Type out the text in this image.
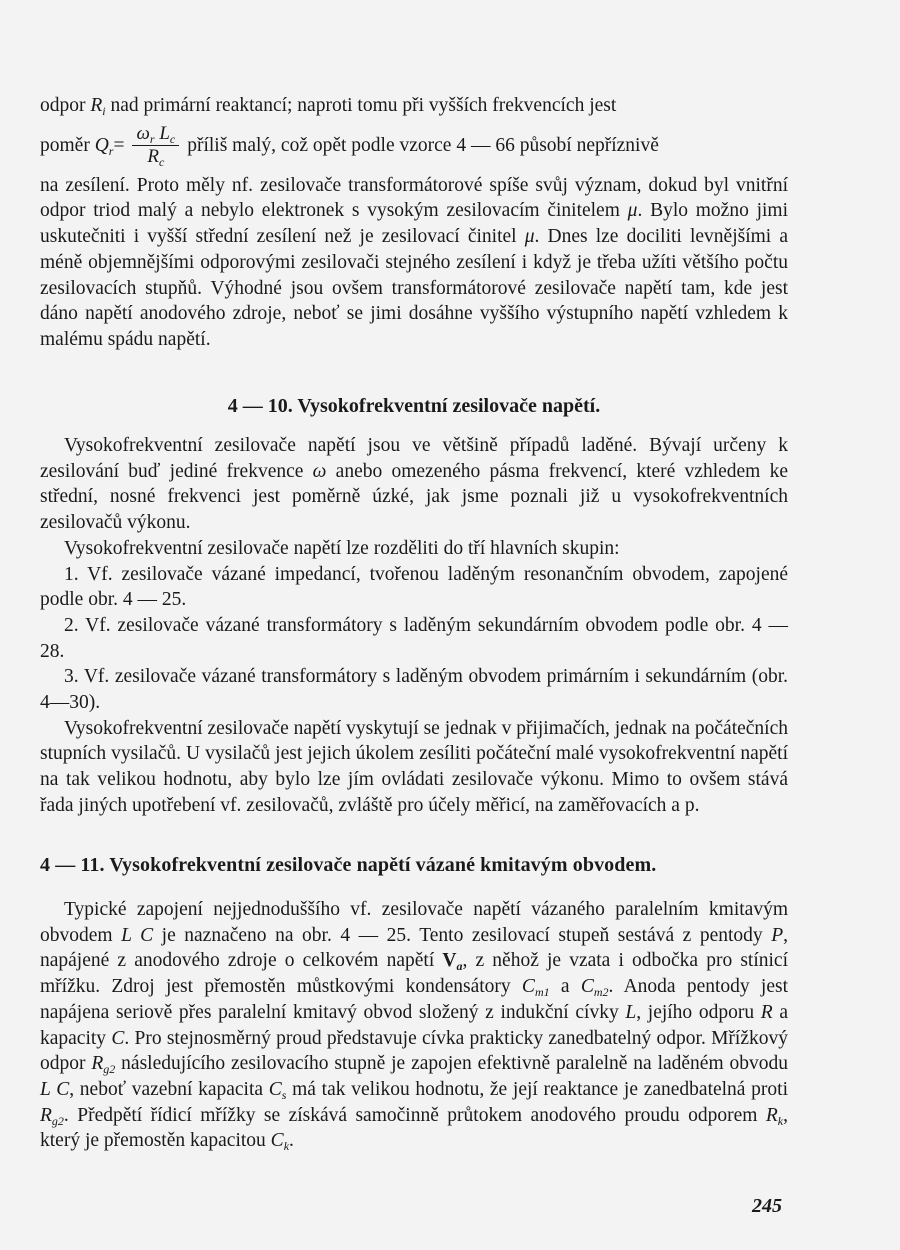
odpor $R_i$ nad primární reaktancí; naproti tomu při vyšších frekvencích jest

poměr
$Q_r = \frac{\omega_r L_c}{R_c}$ příliš malý, což opět podle vzorce 4 — 66 působí nepříznivě

na zesílení. Proto měly nf. zesilovače transformátorové spíše svůj význam, dokud byl vnitřní odpor triod malý a nebylo elektronek s vysokým zesilovacím činitelem μ. Bylo možno jimi uskutečniti i vyšší střední zesílení než je zesilovací činitel μ. Dnes lze dociliti levnějšími a méně objemnějšími odporovými zesilovači stejného zesílení i když je třeba užíti většího počtu zesilovacích stupňů. Výhodné jsou ovšem transformátorové zesilovače napětí tam, kde jest dáno napětí anodového zdroje, neboť se jimi dosáhne vyššího výstupního napětí vzhledem k malému spádu napětí.

4 — 10. Vysokofrekventní zesilovače napětí.

Vysokofrekventní zesilovače napětí jsou ve většině případů laděné. Bývají určeny k zesilování buď jediné frekvence ω anebo omezeného pásma frekvencí, které vzhledem ke střední, nosné frekvenci jest poměrně úzké, jak jsme poznali již u vysokofrekventních zesilovačů výkonu.

Vysokofrekventní zesilovače napětí lze rozděliti do tří hlavních skupin:

1. Vf. zesilovače vázané impedancí, tvořenou laděným resonančním obvodem, zapojené podle obr. 4 — 25.

2. Vf. zesilovače vázané transformátory s laděným sekundárním obvodem podle obr. 4 — 28.

3. Vf. zesilovače vázané transformátory s laděným obvodem primárním i sekundárním (obr. 4—30).

Vysokofrekventní zesilovače napětí vyskytují se jednak v přijimačích, jednak na počátečních stupních vysilačů. U vysilačů jest jejich úkolem zesíliti počáteční malé vysokofrekventní napětí na tak velikou hodnotu, aby bylo lze jím ovládati zesilovače výkonu. Mimo to ovšem stává řada jiných upotřebení vf. zesilovačů, zvláště pro účely měřicí, na zaměřovacích a p.

4 — 11. Vysokofrekventní zesilovače napětí vázané kmitavým obvodem.

Typické zapojení nejjednoduššího vf. zesilovače napětí vázaného paralelním kmitavým obvodem L C je naznačeno na obr. 4 — 25. Tento zesilovací stupeň sestává z pentody P, napájené z anodového zdroje o celkovém napětí $V_a$, z něhož je vzata i odbočka pro stínicí mřížku. Zdroj jest přemostěn můstkovými kondensátory $C_{m1}$ a $C_{m2}$. Anoda pentody jest napájena seriově přes paralelní kmitavý obvod složený z indukční cívky L, jejího odporu R a kapacity C. Pro stejnosměrný proud představuje cívka prakticky zanedbatelný odpor. Mřížkový odpor $R_{g2}$ následujícího zesilovacího stupně je zapojen efektivně paralelně na laděném obvodu L C, neboť vazební kapacita $C_s$ má tak velikou hodnotu, že její reaktance je zanedbatelná proti $R_{g2}$. Předpětí řídicí mřížky se získává samočinně průtokem anodového proudu odporem $R_k$, který je přemostěn kapacitou $C_k$.

245
